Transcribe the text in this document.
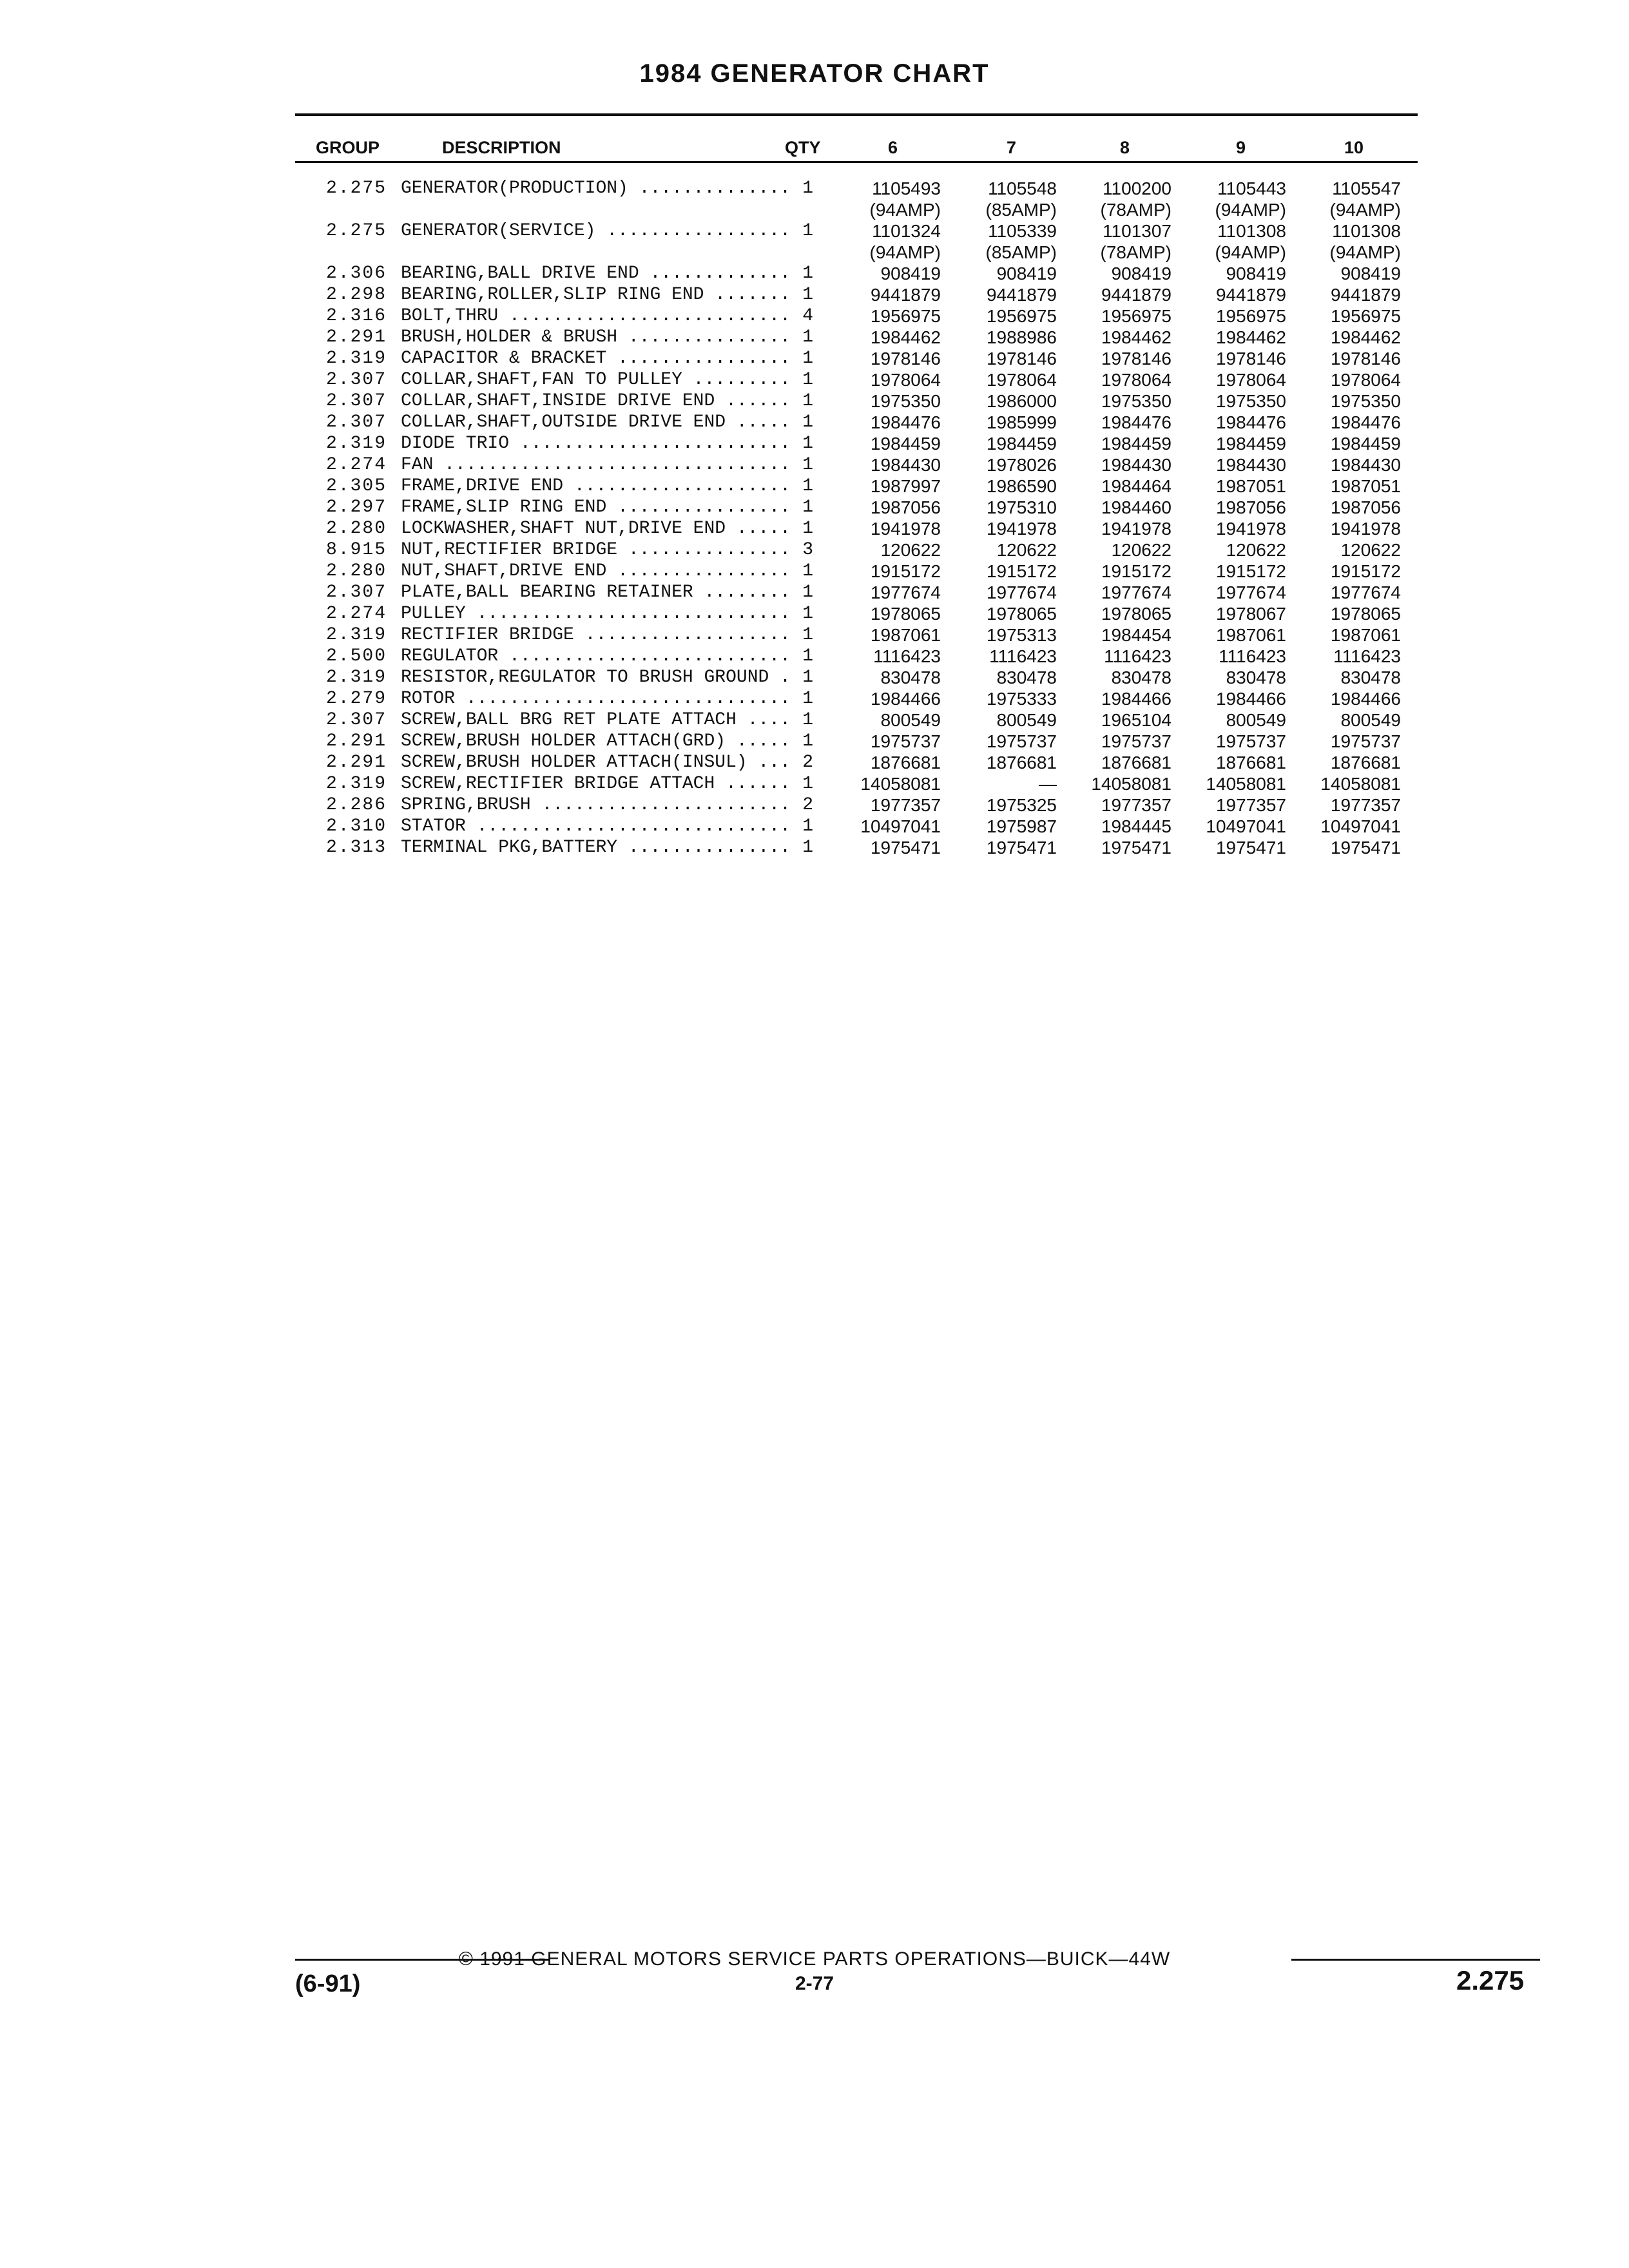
1984 GENERATOR CHART
GROUP	DESCRIPTION	QTY	6	7	8	9	10
2.275 GENERATOR(PRODUCTION) .....	1	1105493	1105548	1100200	1105443	1105547
(94AMP)	(85AMP)	(78AMP)	(94AMP)	(94AMP)
2.275 GENERATOR(SERVICE) .....	1	1101324	1105339	1101307	1101308	1101308
(94AMP)	(85AMP)	(78AMP)	(94AMP)	(94AMP)
2.306 BEARING,BALL DRIVE END .....	1	908419	908419	908419	908419	908419
2.298 BEARING,ROLLER,SLIP RING END .....	1	9441879	9441879	9441879	9441879	9441879
2.316 BOLT,THRU .....	4	1956975	1956975	1956975	1956975	1956975
2.291 BRUSH,HOLDER & BRUSH .....	1	1984462	1988986	1984462	1984462	1984462
2.319 CAPACITOR & BRACKET .....	1	1978146	1978146	1978146	1978146	1978146
2.307 COLLAR,SHAFT,FAN TO PULLEY .....	1	1978064	1978064	1978064	1978064	1978064
2.307 COLLAR,SHAFT,INSIDE DRIVE END .....	1	1975350	1986000	1975350	1975350	1975350
2.307 COLLAR,SHAFT,OUTSIDE DRIVE END .....	1	1984476	1985999	1984476	1984476	1984476
2.319 DIODE TRIO .....	1	1984459	1984459	1984459	1984459	1984459
2.274 FAN .....	1	1984430	1978026	1984430	1984430	1984430
2.305 FRAME,DRIVE END .....	1	1987997	1986590	1984464	1987051	1987051
2.297 FRAME,SLIP RING END .....	1	1987056	1975310	1984460	1987056	1987056
2.280 LOCKWASHER,SHAFT NUT,DRIVE END .....	1	1941978	1941978	1941978	1941978	1941978
8.915 NUT,RECTIFIER BRIDGE .....	3	120622	120622	120622	120622	120622
2.280 NUT,SHAFT,DRIVE END .....	1	1915172	1915172	1915172	1915172	1915172
2.307 PLATE,BALL BEARING RETAINER .....	1	1977674	1977674	1977674	1977674	1977674
2.274 PULLEY .....	1	1978065	1978065	1978065	1978067	1978065
2.319 RECTIFIER BRIDGE .....	1	1987061	1975313	1984454	1987061	1987061
2.500 REGULATOR .....	1	1116423	1116423	1116423	1116423	1116423
2.319 RESISTOR,REGULATOR TO BRUSH GROUND .....	1	830478	830478	830478	830478	830478
2.279 ROTOR .....	1	1984466	1975333	1984466	1984466	1984466
2.307 SCREW,BALL BRG RET PLATE ATTACH .....	1	800549	800549	1965104	800549	800549
2.291 SCREW,BRUSH HOLDER ATTACH(GRD) .....	1	1975737	1975737	1975737	1975737	1975737
2.291 SCREW,BRUSH HOLDER ATTACH(INSUL) .....	2	1876681	1876681	1876681	1876681	1876681
2.319 SCREW,RECTIFIER BRIDGE ATTACH .....	1	14058081	—	14058081	14058081	14058081
2.286 SPRING,BRUSH .....	2	1977357	1975325	1977357	1977357	1977357
2.310 STATOR .....	1	10497041	1975987	1984445	10497041	10497041
2.313 TERMINAL PKG,BATTERY .....	1	1975471	1975471	1975471	1975471	1975471
© 1991 GENERAL MOTORS SERVICE PARTS OPERATIONS—BUICK—44W
(6-91)	2-77	2.275
